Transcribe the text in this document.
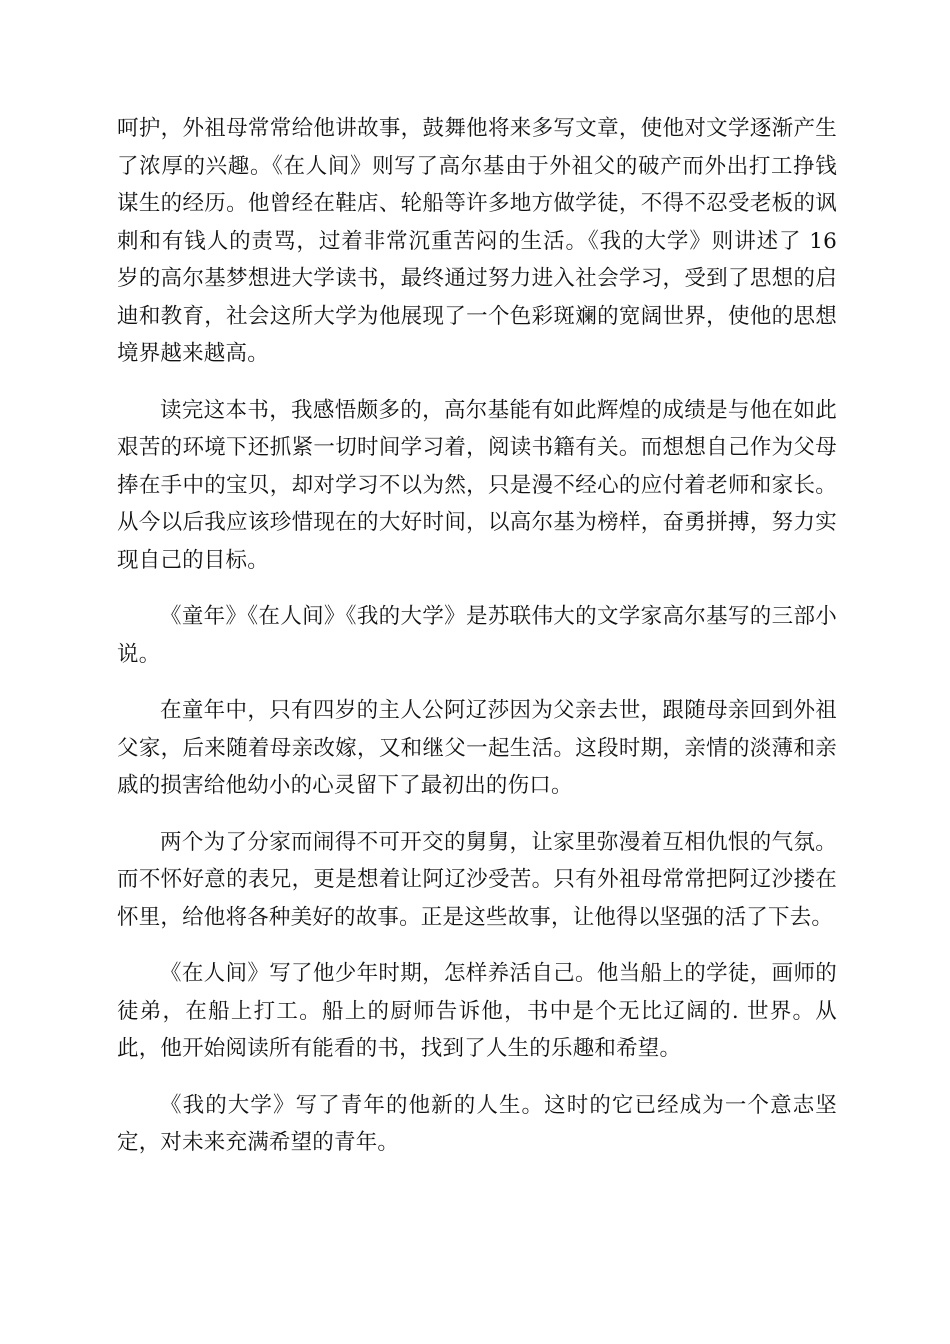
呵护，外祖母常常给他讲故事，鼓舞他将来多写文章，使他对文学逐渐产生了浓厚的兴趣。《在人间》则写了高尔基由于外祖父的破产而外出打工挣钱谋生的经历。他曾经在鞋店、轮船等许多地方做学徒，不得不忍受老板的讽刺和有钱人的责骂，过着非常沉重苦闷的生活。《我的大学》则讲述了 16 岁的高尔基梦想进大学读书，最终通过努力进入社会学习，受到了思想的启迪和教育，社会这所大学为他展现了一个色彩斑斓的宽阔世界，使他的思想境界越来越高。

读完这本书，我感悟颇多的，高尔基能有如此辉煌的成绩是与他在如此艰苦的环境下还抓紧一切时间学习着，阅读书籍有关。而想想自己作为父母捧在手中的宝贝，却对学习不以为然，只是漫不经心的应付着老师和家长。从今以后我应该珍惜现在的大好时间，以高尔基为榜样，奋勇拼搏，努力实现自己的目标。

《童年》《在人间》《我的大学》是苏联伟大的文学家高尔基写的三部小说。

在童年中，只有四岁的主人公阿辽莎因为父亲去世，跟随母亲回到外祖父家，后来随着母亲改嫁，又和继父一起生活。这段时期，亲情的淡薄和亲戚的损害给他幼小的心灵留下了最初出的伤口。

两个为了分家而闹得不可开交的舅舅，让家里弥漫着互相仇恨的气氛。而不怀好意的表兄，更是想着让阿辽沙受苦。只有外祖母常常把阿辽沙搂在怀里，给他将各种美好的故事。正是这些故事，让他得以坚强的活了下去。

《在人间》写了他少年时期，怎样养活自己。他当船上的学徒，画师的徒弟，在船上打工。船上的厨师告诉他，书中是个无比辽阔的. 世界。从此，他开始阅读所有能看的书，找到了人生的乐趣和希望。

《我的大学》写了青年的他新的人生。这时的它已经成为一个意志坚定，对未来充满希望的青年。
